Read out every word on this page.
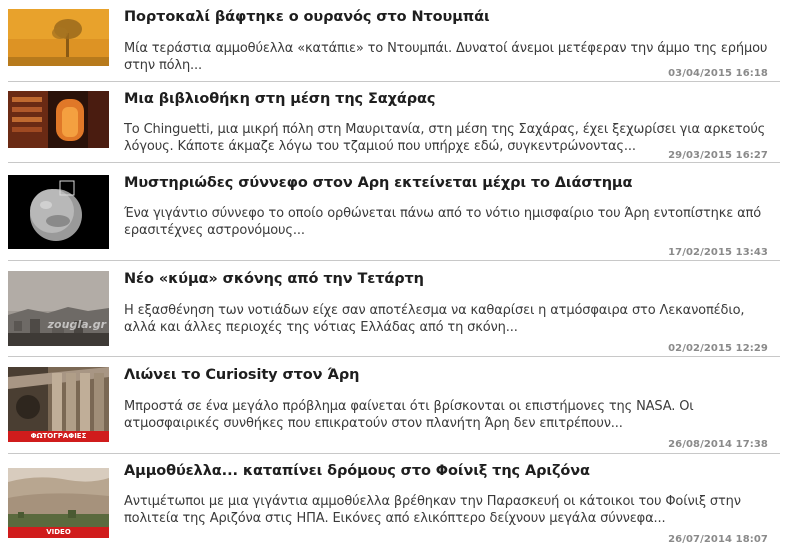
Πορτοκαλί βάφτηκε ο ουρανός στο Ντουμπάι
Μία τεράστια αμμοθύελλα «κατάπιε» το Ντουμπάι. Δυνατοί άνεμοι μετέφεραν την άμμο της ερήμου στην πόλη...
03/04/2015 16:18
Μια βιβλιοθήκη στη μέση της Σαχάρας
Το Chinguetti, μια μικρή πόλη στη Μαυριτανία, στη μέση της Σαχάρας, έχει ξεχωρίσει για αρκετούς λόγους. Κάποτε άκμαζε λόγω του τζαμιού που υπήρχε εδώ, συγκεντρώνοντας...
29/03/2015 16:27
Μυστηριώδες σύννεφο στον Αρη εκτείνεται μέχρι το Διάστημα
Ένα γιγάντιο σύννεφο το οποίο ορθώνεται πάνω από το νότιο ημισφαίριο του Άρη εντοπίστηκε από ερασιτέχνες αστρονόμους...
17/02/2015 13:43
zougla.gr
Νέο «κύμα» σκόνης από την Τετάρτη
Η εξασθένηση των νοτιάδων είχε σαν αποτέλεσμα να καθαρίσει η ατμόσφαιρα στο Λεκανοπέδιο, αλλά και άλλες περιοχές της νότιας Ελλάδας από τη σκόνη...
02/02/2015 12:29
ΦΩΤΟΓΡΑΦΙΕΣ
Λιώνει το Curiosity στον Άρη
Μπροστά σε ένα μεγάλο πρόβλημα φαίνεται ότι βρίσκονται οι επιστήμονες της NASA. Οι ατμοσφαιρικές συνθήκες που επικρατούν στον πλανήτη Άρη δεν επιτρέπουν...
26/08/2014 17:38
VIDEO
Αμμοθύελλα... καταπίνει δρόμους στο Φοίνιξ της Αριζόνα
Αντιμέτωποι με μια γιγάντια αμμοθύελλα βρέθηκαν την Παρασκευή οι κάτοικοι του Φοίνιξ στην πολιτεία της Αριζόνα στις ΗΠΑ. Εικόνες από ελικόπτερο δείχνουν μεγάλα σύννεφα...
26/07/2014 18:07
